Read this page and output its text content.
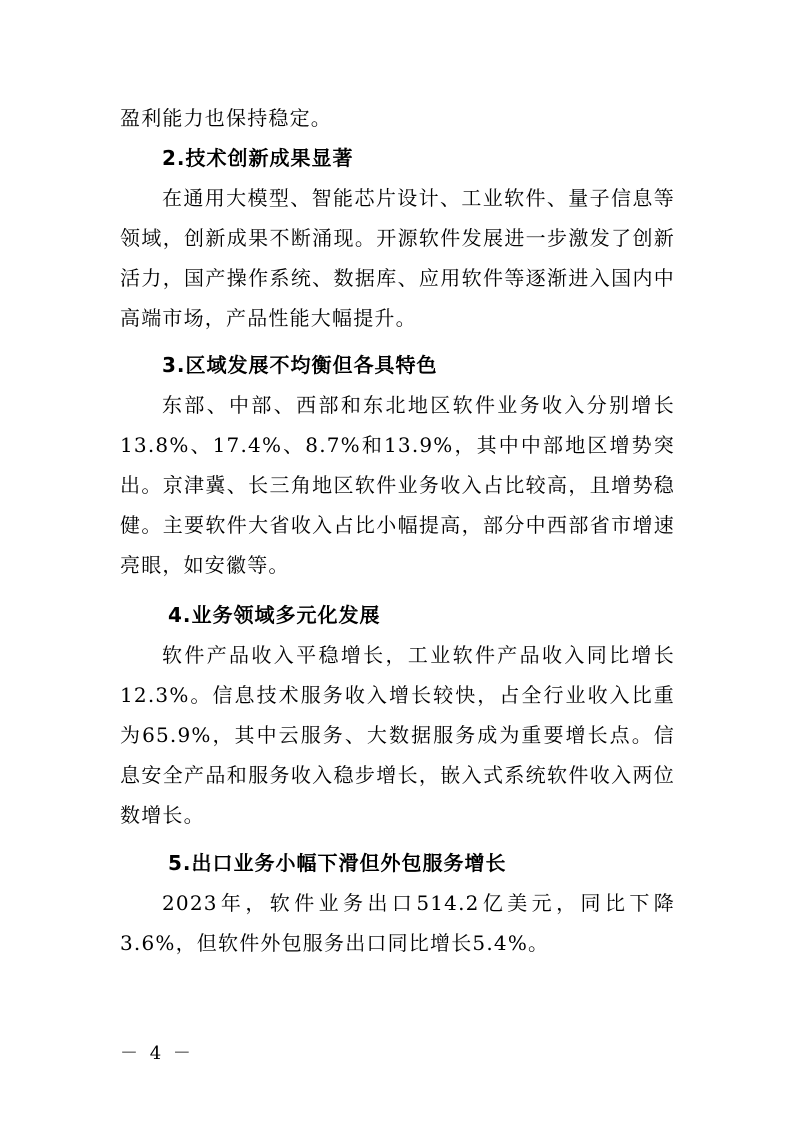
盈利能力也保持稳定。
2.技术创新成果显著
在通用大模型、智能芯片设计、工业软件、量子信息等领域，创新成果不断涌现。开源软件发展进一步激发了创新活力，国产操作系统、数据库、应用软件等逐渐进入国内中高端市场，产品性能大幅提升。
3.区域发展不均衡但各具特色
东部、中部、西部和东北地区软件业务收入分别增长13.8%、17.4%、8.7%和13.9%，其中中部地区增势突出。京津冀、长三角地区软件业务收入占比较高，且增势稳健。主要软件大省收入占比小幅提高，部分中西部省市增速亮眼，如安徽等。
4.业务领域多元化发展
软件产品收入平稳增长，工业软件产品收入同比增长12.3%。信息技术服务收入增长较快，占全行业收入比重为65.9%，其中云服务、大数据服务成为重要增长点。信息安全产品和服务收入稳步增长，嵌入式系统软件收入两位数增长。
5.出口业务小幅下滑但外包服务增长
2023年，软件业务出口514.2亿美元，同比下降3.6%，但软件外包服务出口同比增长5.4%。
－ 4 －
